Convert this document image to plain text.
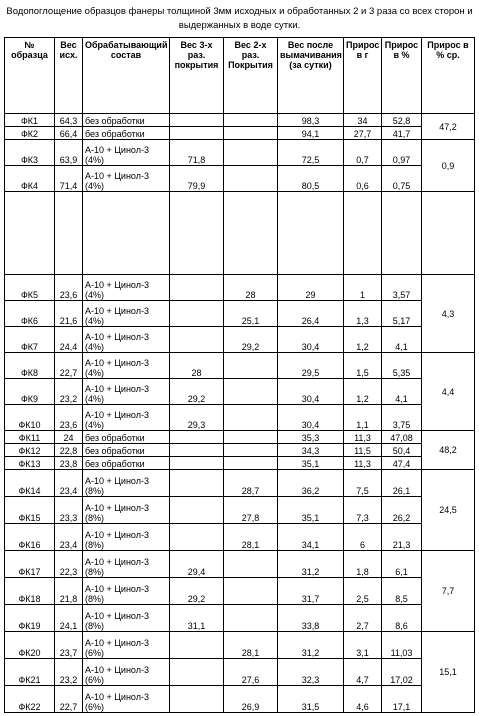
Водопоглощение образцов фанеры толщиной 3мм исходных и обработанных 2 и 3 раза со всех сторон и выдержанных в воде сутки.
№ образца	Вес исх.	Обрабатывающий состав	Вес 3-х раз. покрытия	Вес 2-х раз. Покрытия	Вес после вымачивания (за сутки)	Прирос в г	Прирос в %	Прирос в % ср.
ФК1	64,3	без обработки			98,3	34	52,8	47,2
ФК2	66,4	без обработки			94,1	27,7	41,7	
ФК3	63,9	А-10 + Цинол-3 (4%)	71,8		72,5	0,7	0,97	0,9
ФК4	71,4	А-10 + Цинол-3 (4%)	79,9		80,5	0,6	0,75	

ФК5	23,6	А-10 + Цинол-3 (4%)		28	29	1	3,57	4,3
ФК6	21,6	А-10 + Цинол-3 (4%)		25,1	26,4	1,3	5,17	
ФК7	24,4	А-10 + Цинол-3 (4%)		29,2	30,4	1,2	4,1	
ФК8	22,7	А-10 + Цинол-3 (4%)	28		29,5	1,5	5,35	4,4
ФК9	23,2	А-10 + Цинол-3 (4%)	29,2		30,4	1,2	4,1	
ФК10	23,6	А-10 + Цинол-3 (4%)	29,3		30,4	1,1	3,75	
ФК11	24	без обработки			35,3	11,3	47,08	48,2
ФК12	22,8	без обработки			34,3	11,5	50,4	
ФК13	23,8	без обработки			35,1	11,3	47,4	
ФК14	23,4	А-10 + Цинол-3 (8%)		28,7	36,2	7,5	26,1	24,5
ФК15	23,3	А-10 + Цинол-3 (8%)		27,8	35,1	7,3	26,2	
ФК16	23,4	А-10 + Цинол-3 (8%)		28,1	34,1	6	21,3	
ФК17	22,3	А-10 + Цинол-3 (8%)	29,4		31,2	1,8	6,1	7,7
ФК18	21,8	А-10 + Цинол-3 (8%)	29,2		31,7	2,5	8,5	
ФК19	24,1	А-10 + Цинол-3 (8%)	31,1		33,8	2,7	8,6	
ФК20	23,7	А-10 + Цинол-3 (6%)		28,1	31,2	3,1	11,03	15,1
ФК21	23,2	А-10 + Цинол-3 (6%)		27,6	32,3	4,7	17,02	
ФК22	22,7	А-10 + Цинол-3 (6%)		26,9	31,5	4,6	17,1	
